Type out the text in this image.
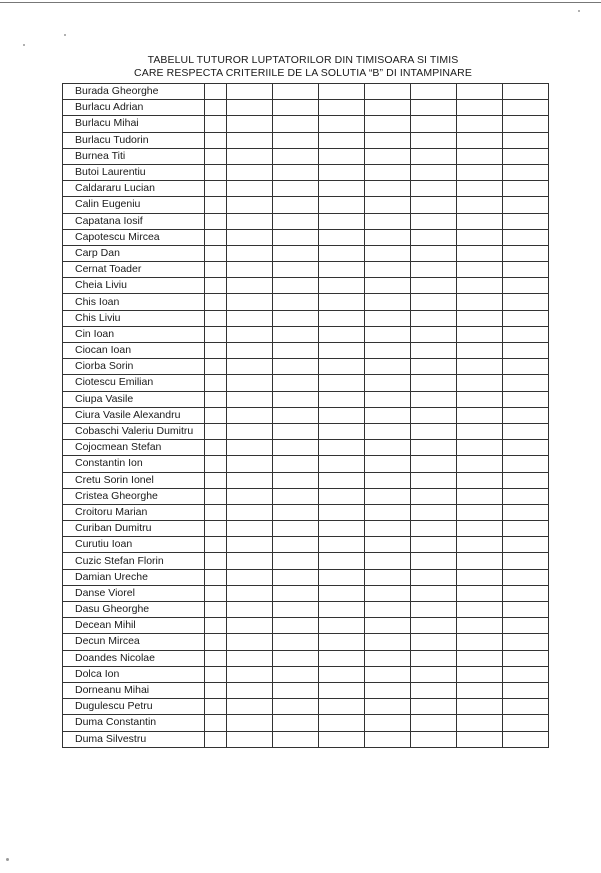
TABELUL TUTUROR LUPTATORILOR DIN TIMISOARA SI TIMIS
CARE RESPECTA CRITERIILE DE LA SOLUTIA “B” DI INTAMPINARE
Burada Gheorghe								
Burlacu Adrian								
Burlacu Mihai								
Burlacu Tudorin								
Burnea Titi								
Butoi Laurentiu								
Caldararu Lucian								
Calin Eugeniu								
Capatana Iosif								
Capotescu Mircea								
Carp Dan								
Cernat Toader								
Cheia Liviu								
Chis Ioan								
Chis Liviu								
Cin Ioan								
Ciocan Ioan								
Ciorba Sorin								
Ciotescu Emilian								
Ciupa Vasile								
Ciura Vasile Alexandru								
Cobaschi Valeriu Dumitru								
Cojocmean Stefan								
Constantin Ion								
Cretu Sorin Ionel								
Cristea Gheorghe								
Croitoru Marian								
Curiban Dumitru								
Curutiu Ioan								
Cuzic Stefan Florin								
Damian Ureche								
Danse Viorel								
Dasu Gheorghe								
Decean Mihil								
Decun Mircea								
Doandes Nicolae								
Dolca Ion								
Dorneanu Mihai								
Dugulescu Petru								
Duma Constantin								
Duma Silvestru								
